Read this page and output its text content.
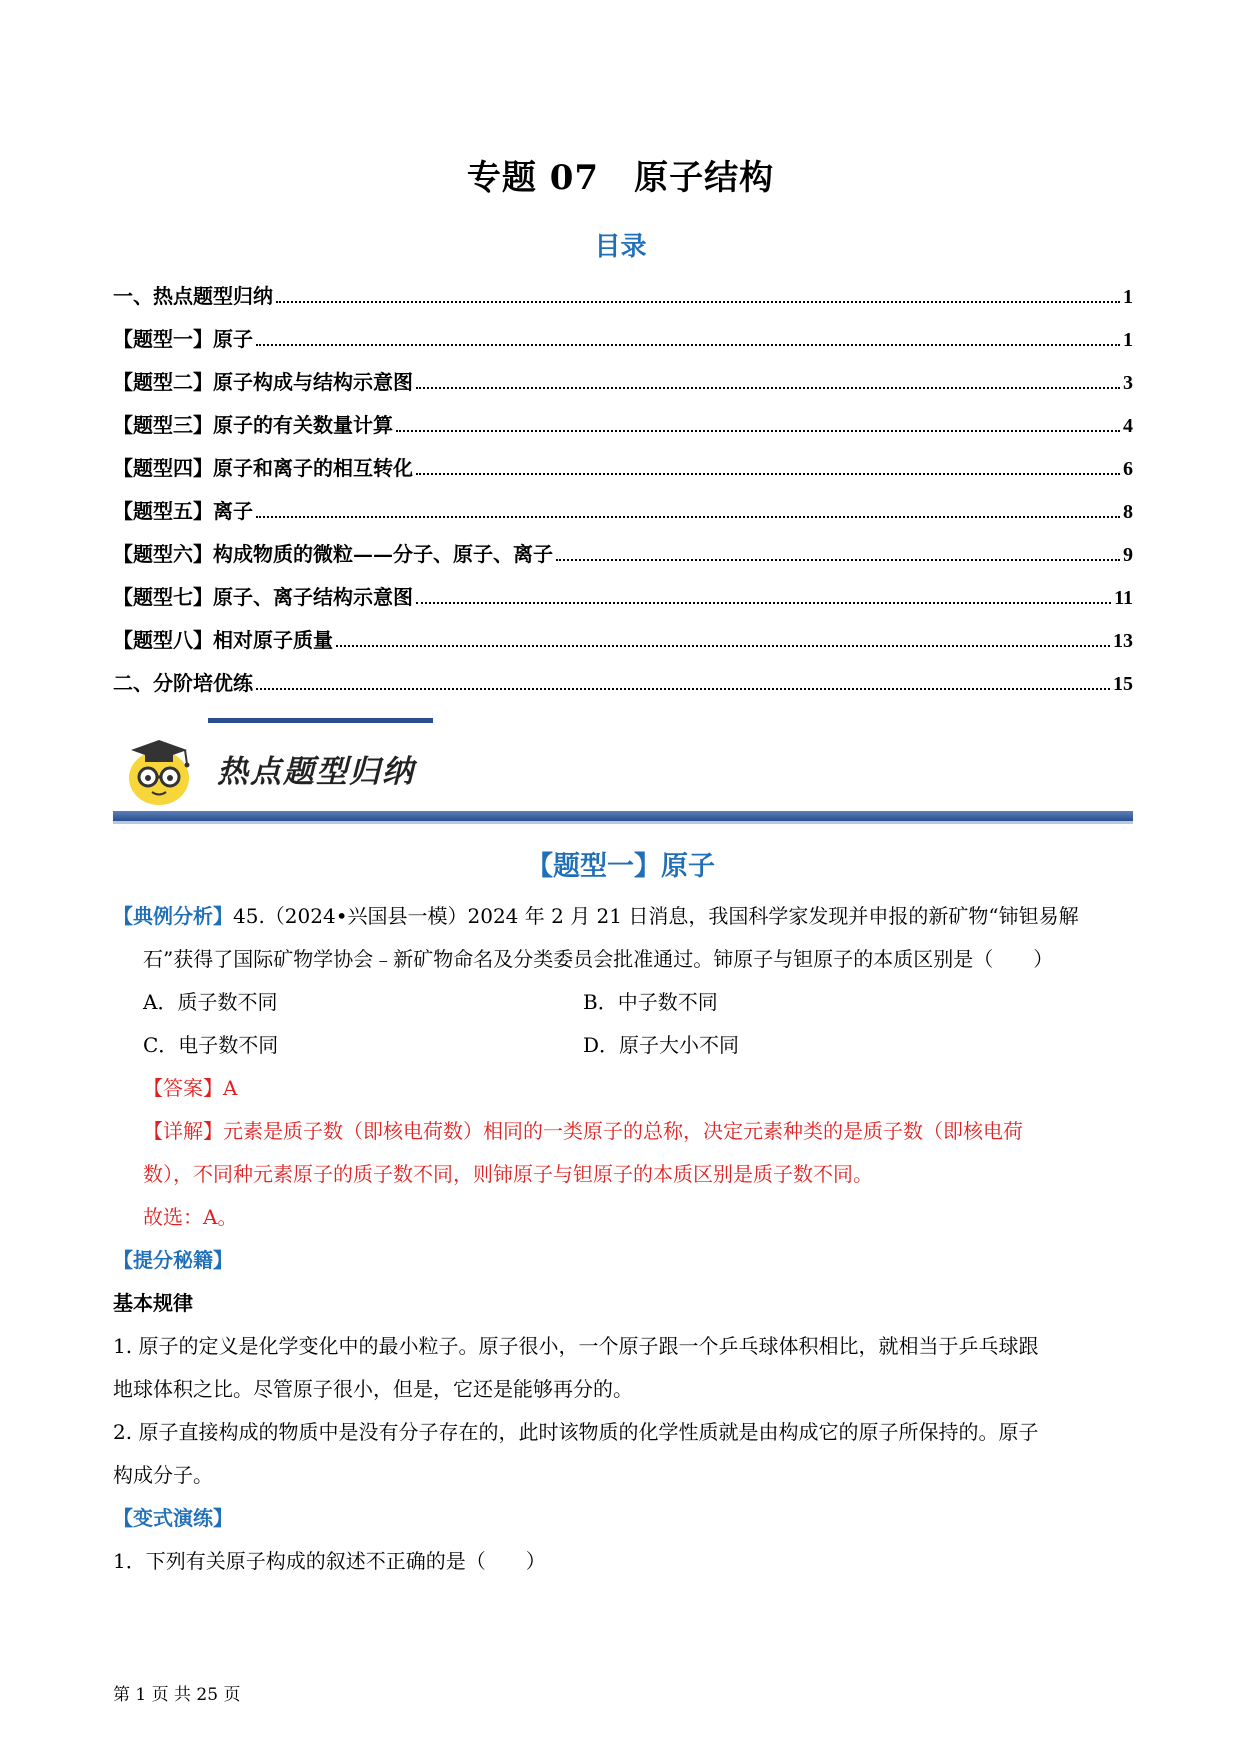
专题 07　原子结构
目录
一、热点题型归纳	1
【题型一】原子	1
【题型二】原子构成与结构示意图	3
【题型三】原子的有关数量计算	4
【题型四】原子和离子的相互转化	6
【题型五】离子	8
【题型六】构成物质的微粒——分子、原子、离子	9
【题型七】原子、离子结构示意图	11
【题型八】相对原子质量	13
二、分阶培优练	15
热点题型归纳
【题型一】原子
【典例分析】45.（2024•兴国县一模）2024 年 2 月 21 日消息，我国科学家发现并申报的新矿物“铈钽易解
石”获得了国际矿物学协会﹣新矿物命名及分类委员会批准通过。铈原子与钽原子的本质区别是（　　）
A．质子数不同	B．中子数不同
C．电子数不同	D．原子大小不同
【答案】A
【详解】元素是质子数（即核电荷数）相同的一类原子的总称，决定元素种类的是质子数（即核电荷
数），不同种元素原子的质子数不同，则铈原子与钽原子的本质区别是质子数不同。
故选：A。
【提分秘籍】
基本规律
1. 原子的定义是化学变化中的最小粒子。原子很小，一个原子跟一个乒乓球体积相比，就相当于乒乓球跟
地球体积之比。尽管原子很小，但是，它还是能够再分的。
2. 原子直接构成的物质中是没有分子存在的，此时该物质的化学性质就是由构成它的原子所保持的。原子
构成分子。
【变式演练】
1．下列有关原子构成的叙述不正确的是（　　）
第 1 页 共 25 页
